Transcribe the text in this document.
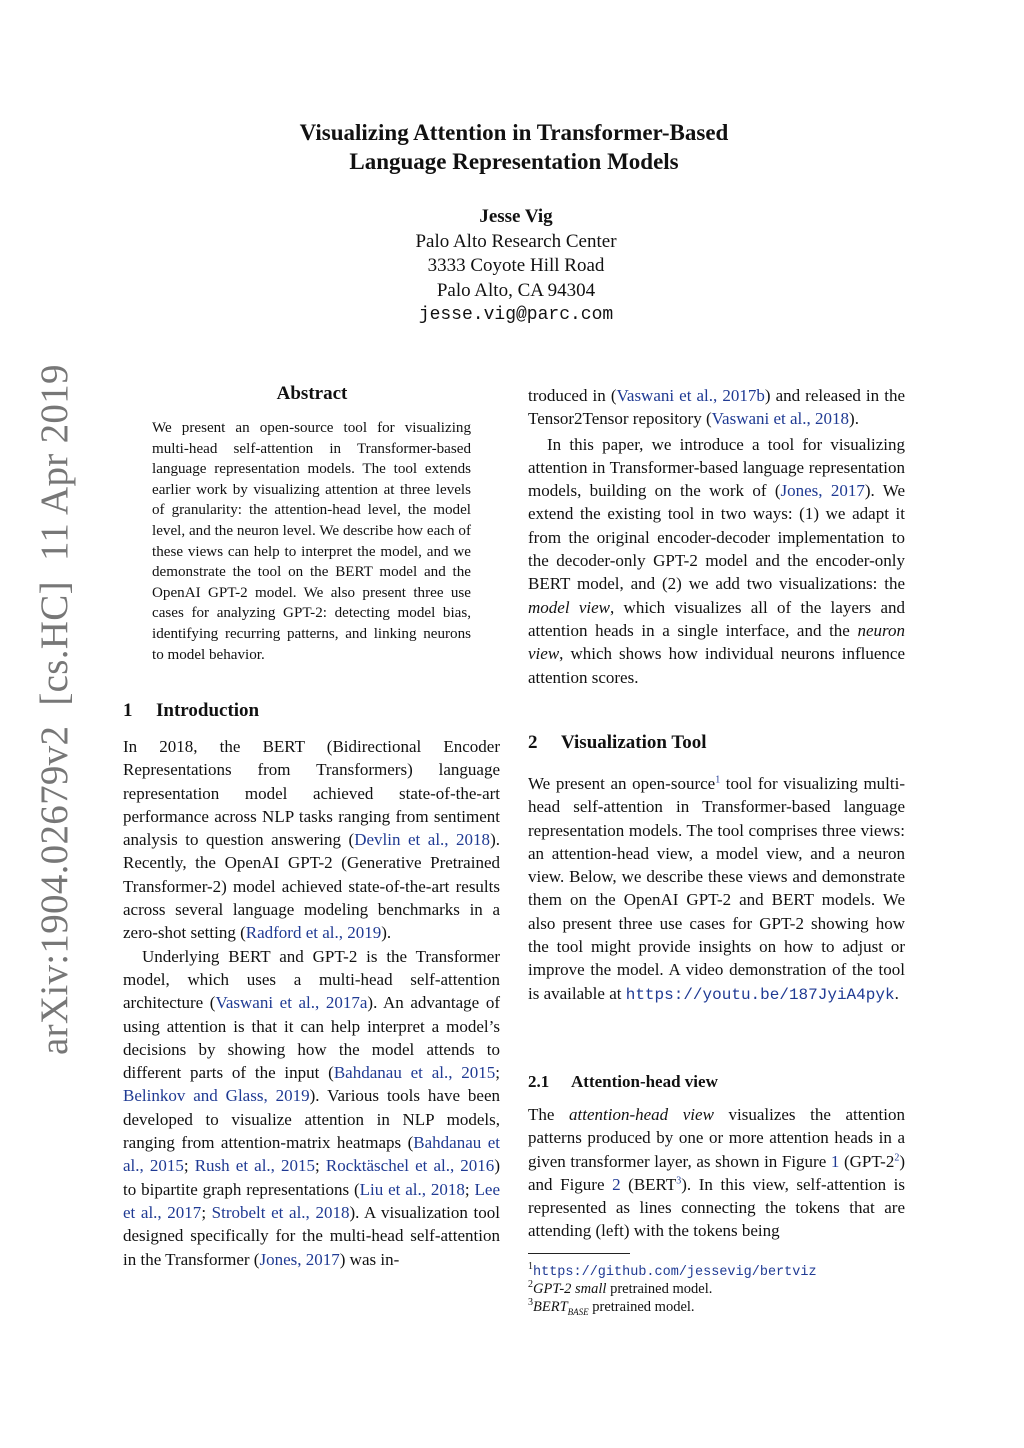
Visualizing Attention in Transformer-Based
Language Representation Models
Jesse Vig
Palo Alto Research Center
3333 Coyote Hill Road
Palo Alto, CA 94304
jesse.vig@parc.com
arXiv:1904.02679v2  [cs.HC]  11 Apr 2019	Abstract
We present an open-source tool for visualizing multi-head self-attention in Transformer-based language representation models. The tool extends earlier work by visualizing attention at three levels of granularity: the attention-head level, the model level, and the neuron level. We describe how each of these views can help to interpret the model, and we demonstrate the tool on the BERT model and the OpenAI GPT-2 model. We also present three use cases for analyzing GPT-2: detecting model bias, identifying recurring patterns, and linking neurons to model behavior.
1 Introduction

In 2018, the BERT (Bidirectional Encoder Representations from Transformers) language representation model achieved state-of-the-art performance across NLP tasks ranging from sentiment analysis to question answering (Devlin et al., 2018). Recently, the OpenAI GPT-2 (Generative Pretrained Transformer-2) model achieved state-of-the-art results across several language modeling benchmarks in a zero-shot setting (Radford et al., 2019).

Underlying BERT and GPT-2 is the Transformer model, which uses a multi-head self-attention architecture (Vaswani et al., 2017a). An advantage of using attention is that it can help interpret a model’s decisions by showing how the model attends to different parts of the input (Bahdanau et al., 2015; Belinkov and Glass, 2019). Various tools have been developed to visualize attention in NLP models, ranging from attention-matrix heatmaps (Bahdanau et al., 2015; Rush et al., 2015; Rocktäschel et al., 2016) to bipartite graph representations (Liu et al., 2018; Lee et al., 2017; Strobelt et al., 2018). A visualization tool designed specifically for the multi-head self-attention in the Transformer (Jones, 2017) was in-

troduced in (Vaswani et al., 2017b) and released in the Tensor2Tensor repository (Vaswani et al., 2018).

In this paper, we introduce a tool for visualizing attention in Transformer-based language representation models, building on the work of (Jones, 2017). We extend the existing tool in two ways: (1) we adapt it from the original encoder-decoder implementation to the decoder-only GPT-2 model and the encoder-only BERT model, and (2) we add two visualizations: the model view, which visualizes all of the layers and attention heads in a single interface, and the neuron view, which shows how individual neurons influence attention scores.

2 Visualization Tool

We present an open-source$^1$ tool for visualizing multi-head self-attention in Transformer-based language representation models. The tool comprises three views: an attention-head view, a model view, and a neuron view. Below, we describe these views and demonstrate them on the OpenAI GPT-2 and BERT models. We also present three use cases for GPT-2 showing how the tool might provide insights on how to adjust or improve the model. A video demonstration of the tool is available at https://youtu.be/187JyiA4pyk.

2.1 Attention-head view

The attention-head view visualizes the attention patterns produced by one or more attention heads in a given transformer layer, as shown in Figure 1 $(GPT-2^2)$ and Figure 2 (BERT$^3$). In this view, self-attention is represented as lines connecting the tokens that are attending (left) with the tokens being

$^1$https://github.com/jessevig/bertviz
$^2$GPT-2 small pretrained model.
$^3BERT_{BASE}$ pretrained model.
